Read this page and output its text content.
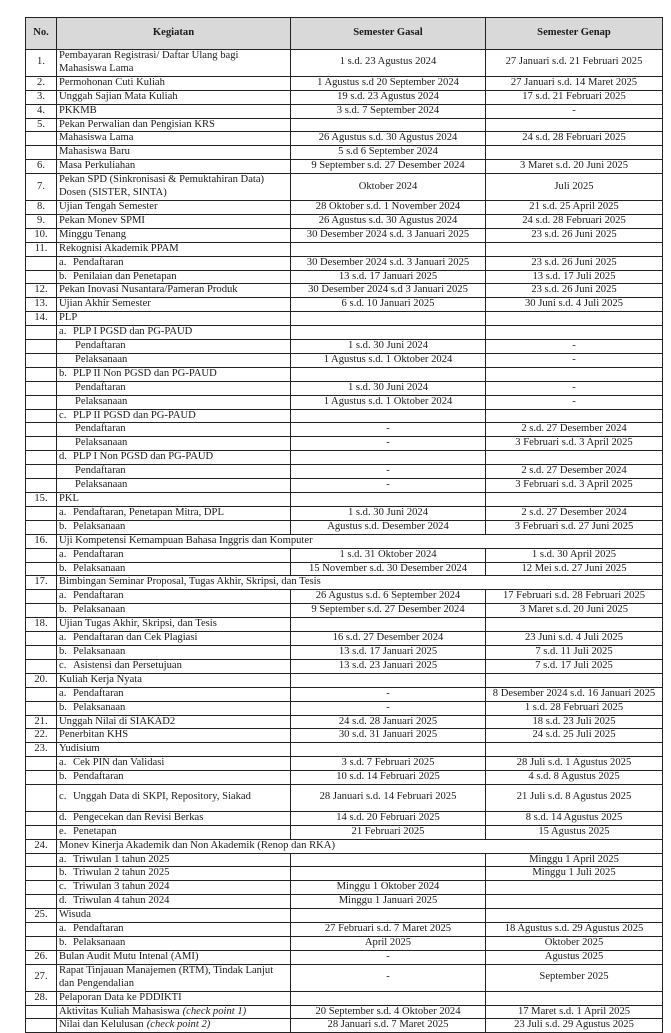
No.	Kegiatan	Semester Gasal	Semester Genap
1.	Pembayaran Registrasi/ Daftar Ulang bagi Mahasiswa Lama	1 s.d. 23 Agustus 2024	27 Januari s.d. 21 Februari 2025
2.	Permohonan Cuti Kuliah	1 Agustus s.d 20 September 2024	27 Januari s.d. 14 Maret 2025
3.	Unggah Sajian Mata Kuliah	19 s.d. 23 Agustus 2024	17 s.d. 21 Februari 2025
4.	PKKMB	3 s.d. 7 September 2024	-
5.	Pekan Perwalian dan Pengisian KRS		

	Mahasiswa Lama	26 Agustus s.d. 30 Agustus 2024	24 s.d. 28 Februari 2025

	Mahasiswa Baru	5 s.d 6 September 2024	
6.	Masa Perkuliahan	9 September s.d. 27 Desember 2024	3 Maret s.d. 20 Juni 2025
7.	Pekan SPD (Sinkronisasi & Pemuktahiran Data) Dosen (SISTER, SINTA)	Oktober 2024	Juli 2025
8.	Ujian Tengah Semester	28 Oktober s.d. 1 November 2024	21 s.d. 25 April 2025
9.	Pekan Monev SPMI	26 Agustus s.d. 30 Agustus 2024	24 s.d. 28 Februari 2025
10.	Minggu Tenang	30 Desember 2024 s.d. 3 Januari 2025	23 s.d. 26 Juni 2025
11.	Rekognisi Akademik PPAM		

	a. Pendaftaran	30 Desember 2024 s.d. 3 Januari 2025	23 s.d. 26 Juni 2025

	b. Penilaian dan Penetapan	13 s.d. 17 Januari 2025	13 s.d. 17 Juli 2025
12.	Pekan Inovasi Nusantara/Pameran Produk	30 Desember 2024 s.d 3 Januari 2025	23 s.d. 26 Juni 2025
13.	Ujian Akhir Semester	6 s.d. 10 Januari 2025	30 Juni s.d. 4 Juli 2025
14.	PLP		

	a. PLP I PGSD dan PG-PAUD		

	Pendaftaran	1 s.d. 30 Juni 2024	-

	Pelaksanaan	1 Agustus s.d. 1 Oktober 2024	-

	b. PLP II Non PGSD dan PG-PAUD		

	Pendaftaran	1 s.d. 30 Juni 2024	-

	Pelaksanaan	1 Agustus s.d. 1 Oktober 2024	-

	c. PLP II PGSD dan PG-PAUD		

	Pendaftaran	-	2 s.d. 27 Desember 2024

	Pelaksanaan	-	3 Februari s.d. 3 April 2025

	d. PLP I Non PGSD dan PG-PAUD		

	Pendaftaran	-	2 s.d. 27 Desember 2024

	Pelaksanaan	-	3 Februari s.d. 3 April 2025
15.	PKL		

	a. Pendaftaran, Penetapan Mitra, DPL	1 s.d. 30 Juni 2024	2 s.d. 27 Desember 2024

	b. Pelaksanaan	Agustus s.d. Desember 2024	3 Februari s.d. 27 Juni 2025
16.	Uji Kompetensi Kemampuan Bahasa Inggris dan Komputer		

	a. Pendaftaran	1 s.d. 31 Oktober 2024	1 s.d. 30 April 2025

	b. Pelaksanaan	15 November s.d. 30 Desember 2024	12 Mei s.d. 27 Juni 2025
17.	Bimbingan Seminar Proposal, Tugas Akhir, Skripsi, dan Tesis		

	a. Pendaftaran	26 Agustus s.d. 6 September 2024	17 Februari s.d. 28 Februari 2025

	b. Pelaksanaan	9 September s.d. 27 Desember 2024	3 Maret s.d. 20 Juni 2025
18.	Ujian Tugas Akhir, Skripsi, dan Tesis		

	a. Pendaftaran dan Cek Plagiasi	16 s.d. 27 Desember 2024	23 Juni s.d. 4 Juli 2025

	b. Pelaksanaan	13 s.d. 17 Januari 2025	7 s.d. 11 Juli 2025

	c. Asistensi dan Persetujuan	13 s.d. 23 Januari 2025	7 s.d. 17 Juli 2025
20.	Kuliah Kerja Nyata		

	a. Pendaftaran	-	8 Desember 2024 s.d. 16 Januari 2025

	b. Pelaksanaan	-	1 s.d. 28 Februari 2025
21.	Unggah Nilai di SIAKAD2	24 s.d. 28 Januari 2025	18 s.d. 23 Juli 2025
22.	Penerbitan KHS	30 s.d. 31 Januari 2025	24 s.d. 25 Juli 2025
23.	Yudisium		

	a. Cek PIN dan Validasi	3 s.d. 7 Februari 2025	28 Juli s.d. 1 Agustus 2025

	b. Pendaftaran	10 s.d. 14 Februari 2025	4 s.d. 8 Agustus 2025

	c. Unggah Data di SKPI, Repository, Siakad	28 Januari s.d. 14 Februari 2025	21 Juli s.d. 8 Agustus 2025

	d. Pengecekan dan Revisi Berkas	14 s.d. 20 Februari 2025	8 s.d. 14 Agustus 2025

	e. Penetapan	21 Februari 2025	15 Agustus 2025
24.	Monev Kinerja Akademik dan Non Akademik (Renop dan RKA)		

	a. Triwulan 1 tahun 2025		Minggu 1 April 2025

	b. Triwulan 2 tahun 2025		Minggu 1 Juli 2025

	c. Triwulan 3 tahun 2024	Minggu 1 Oktober 2024	

	d. Triwulan 4 tahun 2024	Minggu 1 Januari 2025	
25.	Wisuda		

	a. Pendaftaran	27 Februari s.d. 7 Maret 2025	18 Agustus s.d. 29 Agustus 2025

	b. Pelaksanaan	April 2025	Oktober 2025
26.	Bulan Audit Mutu Intenal (AMI)	-	Agustus 2025
27.	Rapat Tinjauan Manajemen (RTM), Tindak Lanjut dan Pengendalian	-	September 2025
28.	Pelaporan Data ke PDDIKTI		

	Aktivitas Kuliah Mahasiswa (check point 1)	20 September s.d. 4 Oktober 2024	17 Maret s.d. 1 April 2025

	Nilai dan Kelulusan (check point 2)	28 Januari s.d. 7 Maret 2025	23 Juli s.d. 29 Agustus 2025
